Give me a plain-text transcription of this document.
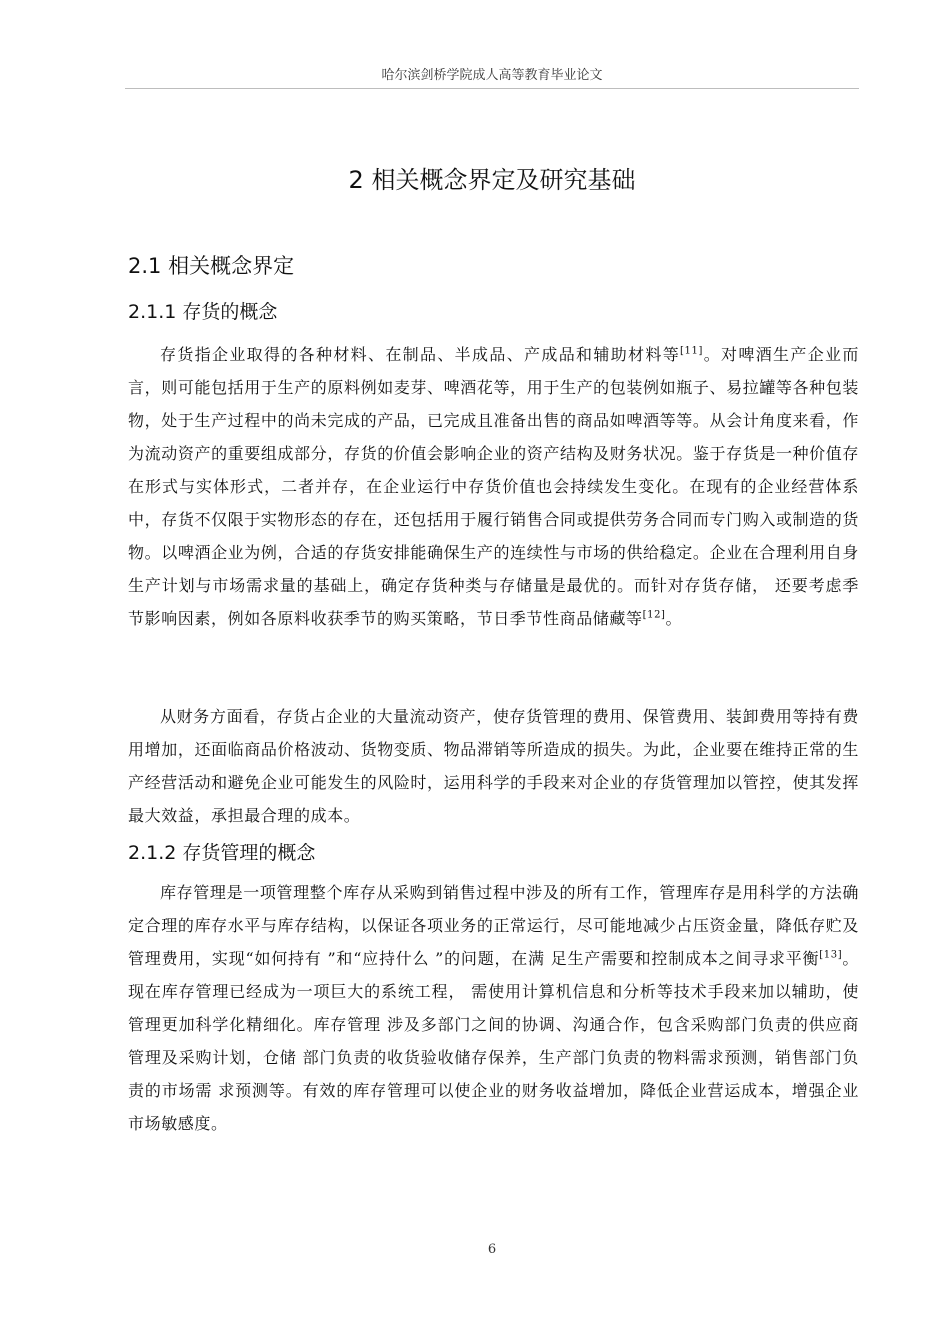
哈尔滨剑桥学院成人高等教育毕业论文
2 相关概念界定及研究基础
2.1 相关概念界定
2.1.1 存货的概念

存货指企业取得的各种材料、在制品、半成品、产成品和辅助材料等[11]。对啤酒生产企业而言，则可能包括用于生产的原料例如麦芽、啤酒花等，用于生产的包装例如瓶子、易拉罐等各种包装物，处于生产过程中的尚未完成的产品，已完成且准备出售的商品如啤酒等等。从会计角度来看，作为流动资产的重要组成部分，存货的价值会影响企业的资产结构及财务状况。鉴于存货是一种价值存在形式与实体形式，二者并存，在企业运行中存货价值也会持续发生变化。在现有的企业经营体系中，存货不仅限于实物形态的存在，还包括用于履行销售合同或提供劳务合同而专门购入或制造的货物。以啤酒企业为例，合适的存货安排能确保生产的连续性与市场的供给稳定。企业在合理利用自身生产计划与市场需求量的基础上，确定存货种类与存储量是最优的。而针对存货存储， 还要考虑季节影响因素，例如各原料收获季节的购买策略，节日季节性商品储藏等[12]。

从财务方面看，存货占企业的大量流动资产，使存货管理的费用、保管费用、装卸费用等持有费用增加，还面临商品价格波动、货物变质、物品滞销等所造成的损失。为此，企业要在维持正常的生产经营活动和避免企业可能发生的风险时，运用科学的手段来对企业的存货管理加以管控，使其发挥最大效益，承担最合理的成本。

2.1.2 存货管理的概念

库存管理是一项管理整个库存从采购到销售过程中涉及的所有工作，管理库存是用科学的方法确定合理的库存水平与库存结构，以保证各项业务的正常运行，尽可能地减少占压资金量，降低存贮及管理费用，实现“如何持有 ”和“应持什么 ”的问题，在满 足生产需要和控制成本之间寻求平衡[13]。现在库存管理已经成为一项巨大的系统工程， 需使用计算机信息和分析等技术手段来加以辅助，使管理更加科学化精细化。库存管理 涉及多部门之间的协调、沟通合作，包含采购部门负责的供应商管理及采购计划，仓储 部门负责的收货验收储存保养，生产部门负责的物料需求预测，销售部门负责的市场需 求预测等。有效的库存管理可以使企业的财务收益增加，降低企业营运成本，增强企业 市场敏感度。

6
